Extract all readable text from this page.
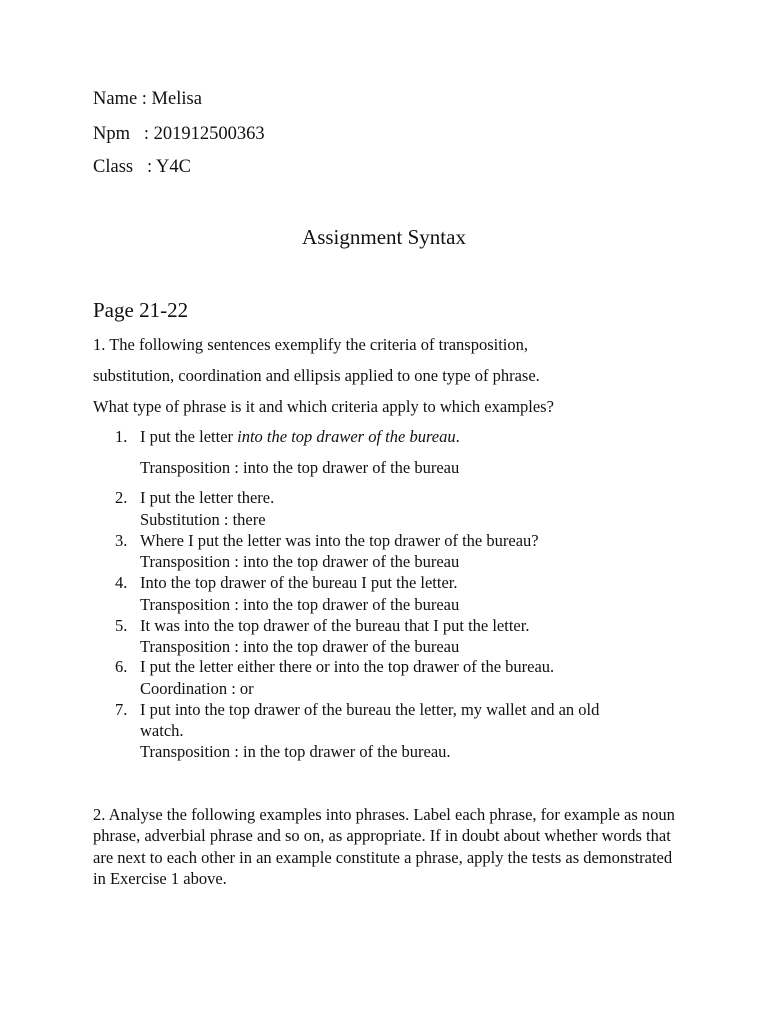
Name : Melisa
Npm   : 201912500363
Class   : Y4C
Assignment Syntax
Page 21-22
1. The following sentences exemplify the criteria of transposition,
substitution, coordination and ellipsis applied to one type of phrase.
What type of phrase is it and which criteria apply to which examples?
1. I put the letter into the top drawer of the bureau.
Transposition : into the top drawer of the bureau
2. I put the letter there.
Substitution : there
3. Where I put the letter was into the top drawer of the bureau?
Transposition : into the top drawer of the bureau
4. Into the top drawer of the bureau I put the letter.
Transposition : into the top drawer of the bureau
5. It was into the top drawer of the bureau that I put the letter.
Transposition : into the top drawer of the bureau
6. I put the letter either there or into the top drawer of the bureau.
Coordination : or
7. I put into the top drawer of the bureau the letter, my wallet and an old
watch.
Transposition : in the top drawer of the bureau.
2. Analyse the following examples into phrases. Label each phrase, for example as noun phrase, adverbial phrase and so on, as appropriate. If in doubt about whether words that are next to each other in an example constitute a phrase, apply the tests as demonstrated in Exercise 1 above.
